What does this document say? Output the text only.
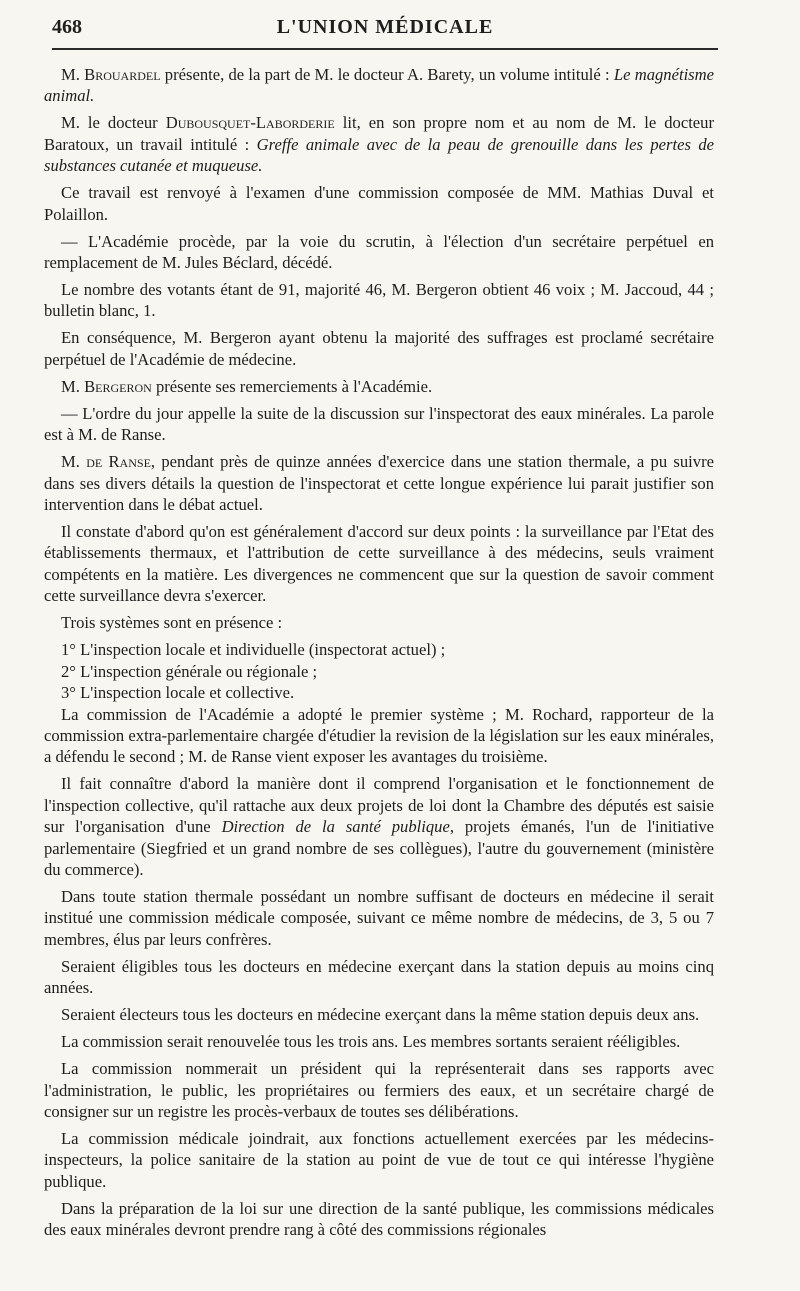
468	L'UNION MÉDICALE

M. Brouardel présente, de la part de M. le docteur A. Barety, un volume intitulé : Le magnétisme animal.

M. le docteur Dubousquet-Laborderie lit, en son propre nom et au nom de M. le docteur Baratoux, un travail intitulé : Greffe animale avec de la peau de grenouille dans les pertes de substances cutanée et muqueuse.

Ce travail est renvoyé à l'examen d'une commission composée de MM. Mathias Duval et Polaillon.

— L'Académie procède, par la voie du scrutin, à l'élection d'un secrétaire perpétuel en remplacement de M. Jules Béclard, décédé.

Le nombre des votants étant de 91, majorité 46, M. Bergeron obtient 46 voix ; M. Jaccoud, 44 ; bulletin blanc, 1.

En conséquence, M. Bergeron ayant obtenu la majorité des suffrages est proclamé secrétaire perpétuel de l'Académie de médecine.

M. Bergeron présente ses remerciements à l'Académie.

— L'ordre du jour appelle la suite de la discussion sur l'inspectorat des eaux minérales. La parole est à M. de Ranse.

M. de Ranse, pendant près de quinze années d'exercice dans une station thermale, a pu suivre dans ses divers détails la question de l'inspectorat et cette longue expérience lui parait justifier son intervention dans le débat actuel.

Il constate d'abord qu'on est généralement d'accord sur deux points : la surveillance par l'Etat des établissements thermaux, et l'attribution de cette surveillance à des médecins, seuls vraiment compétents en la matière. Les divergences ne commencent que sur la question de savoir comment cette surveillance devra s'exercer.

Trois systèmes sont en présence :

1° L'inspection locale et individuelle (inspectorat actuel) ;
2° L'inspection générale ou régionale ;
3° L'inspection locale et collective.

La commission de l'Académie a adopté le premier système ; M. Rochard, rapporteur de la commission extra-parlementaire chargée d'étudier la revision de la législation sur les eaux minérales, a défendu le second ; M. de Ranse vient exposer les avantages du troisième.

Il fait connaître d'abord la manière dont il comprend l'organisation et le fonctionnement de l'inspection collective, qu'il rattache aux deux projets de loi dont la Chambre des députés est saisie sur l'organisation d'une Direction de la santé publique, projets émanés, l'un de l'initiative parlementaire (Siegfried et un grand nombre de ses collègues), l'autre du gouvernement (ministère du commerce).

Dans toute station thermale possédant un nombre suffisant de docteurs en médecine il serait institué une commission médicale composée, suivant ce même nombre de médecins, de 3, 5 ou 7 membres, élus par leurs confrères.

Seraient éligibles tous les docteurs en médecine exerçant dans la station depuis au moins cinq années.

Seraient électeurs tous les docteurs en médecine exerçant dans la même station depuis deux ans.

La commission serait renouvelée tous les trois ans. Les membres sortants seraient rééligibles.

La commission nommerait un président qui la représenterait dans ses rapports avec l'administration, le public, les propriétaires ou fermiers des eaux, et un secrétaire chargé de consigner sur un registre les procès-verbaux de toutes ses délibérations.

La commission médicale joindrait, aux fonctions actuellement exercées par les médecins-inspecteurs, la police sanitaire de la station au point de vue de tout ce qui intéresse l'hygiène publique.

Dans la préparation de la loi sur une direction de la santé publique, les commissions médicales des eaux minérales devront prendre rang à côté des commissions régionales
